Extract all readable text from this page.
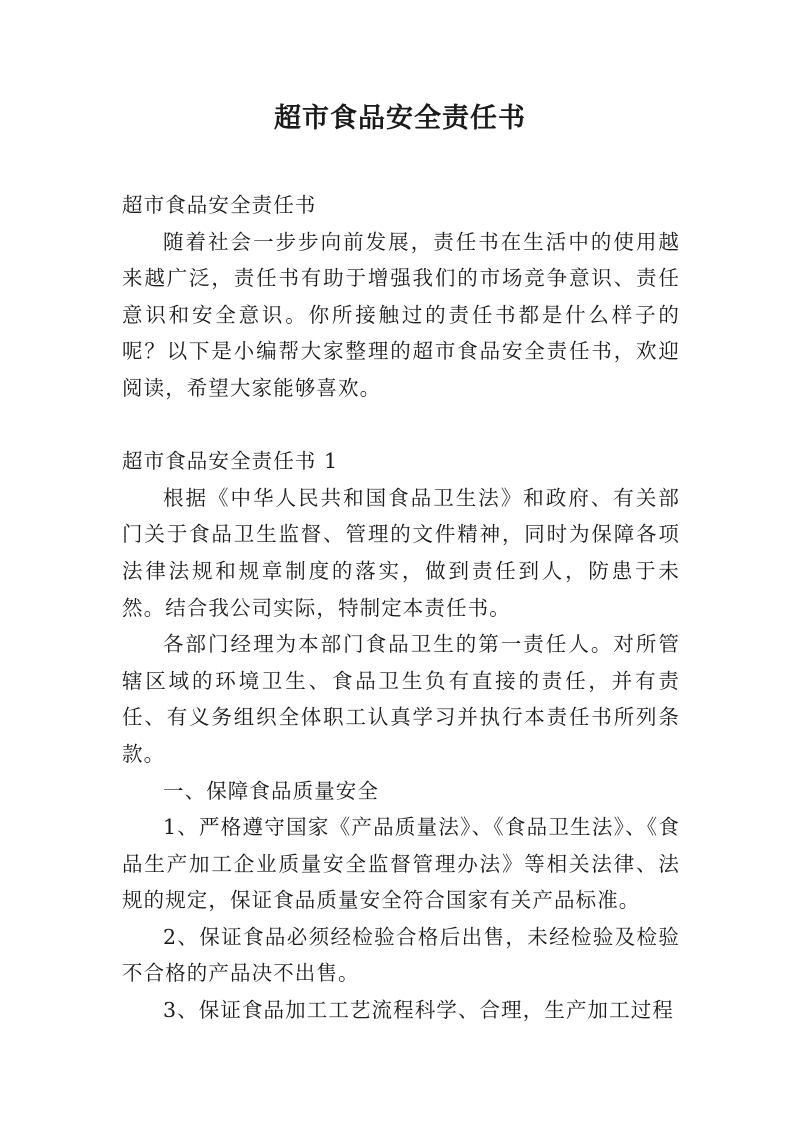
超市食品安全责任书

超市食品安全责任书

随着社会一步步向前发展，责任书在生活中的使用越来越广泛，责任书有助于增强我们的市场竞争意识、责任意识和安全意识。你所接触过的责任书都是什么样子的呢？以下是小编帮大家整理的超市食品安全责任书，欢迎阅读，希望大家能够喜欢。

超市食品安全责任书 1

根据《中华人民共和国食品卫生法》和政府、有关部门关于食品卫生监督、管理的文件精神，同时为保障各项法律法规和规章制度的落实，做到责任到人，防患于未然。结合我公司实际，特制定本责任书。

各部门经理为本部门食品卫生的第一责任人。对所管辖区域的环境卫生、食品卫生负有直接的责任，并有责任、有义务组织全体职工认真学习并执行本责任书所列条款。

一、保障食品质量安全

1、严格遵守国家《产品质量法》、《食品卫生法》、《食品生产加工企业质量安全监督管理办法》等相关法律、法规的规定，保证食品质量安全符合国家有关产品标准。

2、保证食品必须经检验合格后出售，未经检验及检验不合格的产品决不出售。

3、保证食品加工工艺流程科学、合理，生产加工过程
